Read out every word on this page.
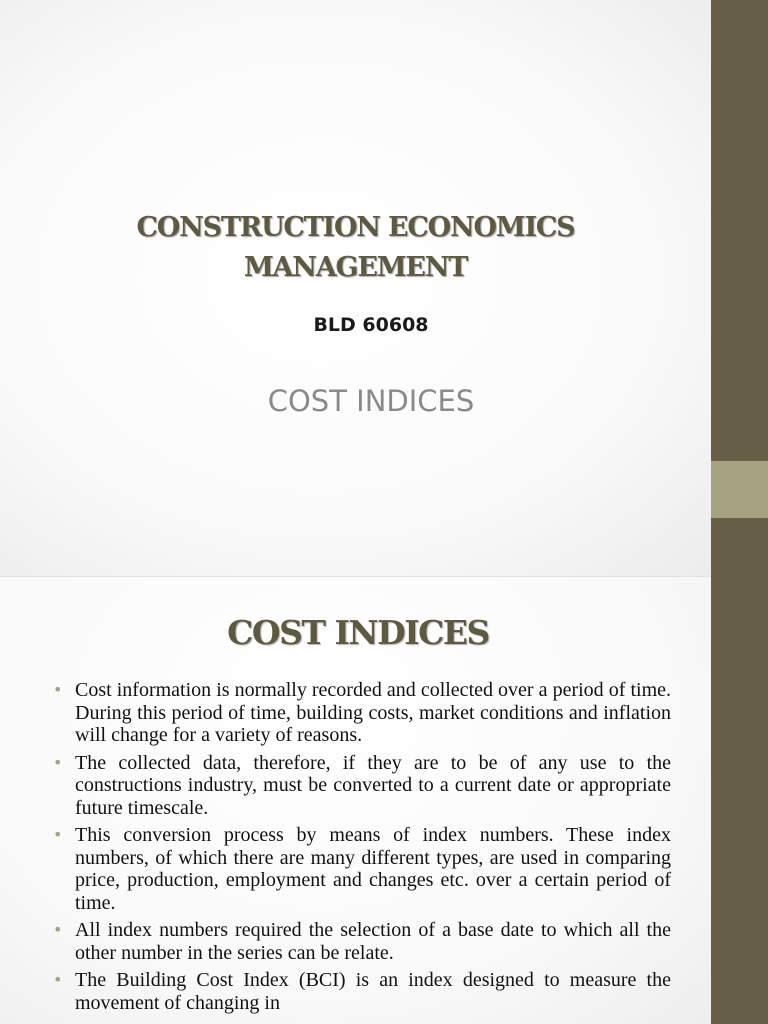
CONSTRUCTION ECONOMICS
MANAGEMENT
BLD 60608
COST INDICES
COST INDICES
• Cost information is normally recorded and collected over a period of time. During this period of time, building costs, market conditions and inflation will change for a variety of reasons.
• The collected data, therefore, if they are to be of any use to the constructions industry, must be converted to a current date or appropriate future timescale.
• This conversion process by means of index numbers. These index numbers, of which there are many different types, are used in comparing price, production, employment and changes etc. over a certain period of time.
• All index numbers required the selection of a base date to which all the other number in the series can be relate.
• The Building Cost Index (BCI) is an index designed to measure the movement of changing in
